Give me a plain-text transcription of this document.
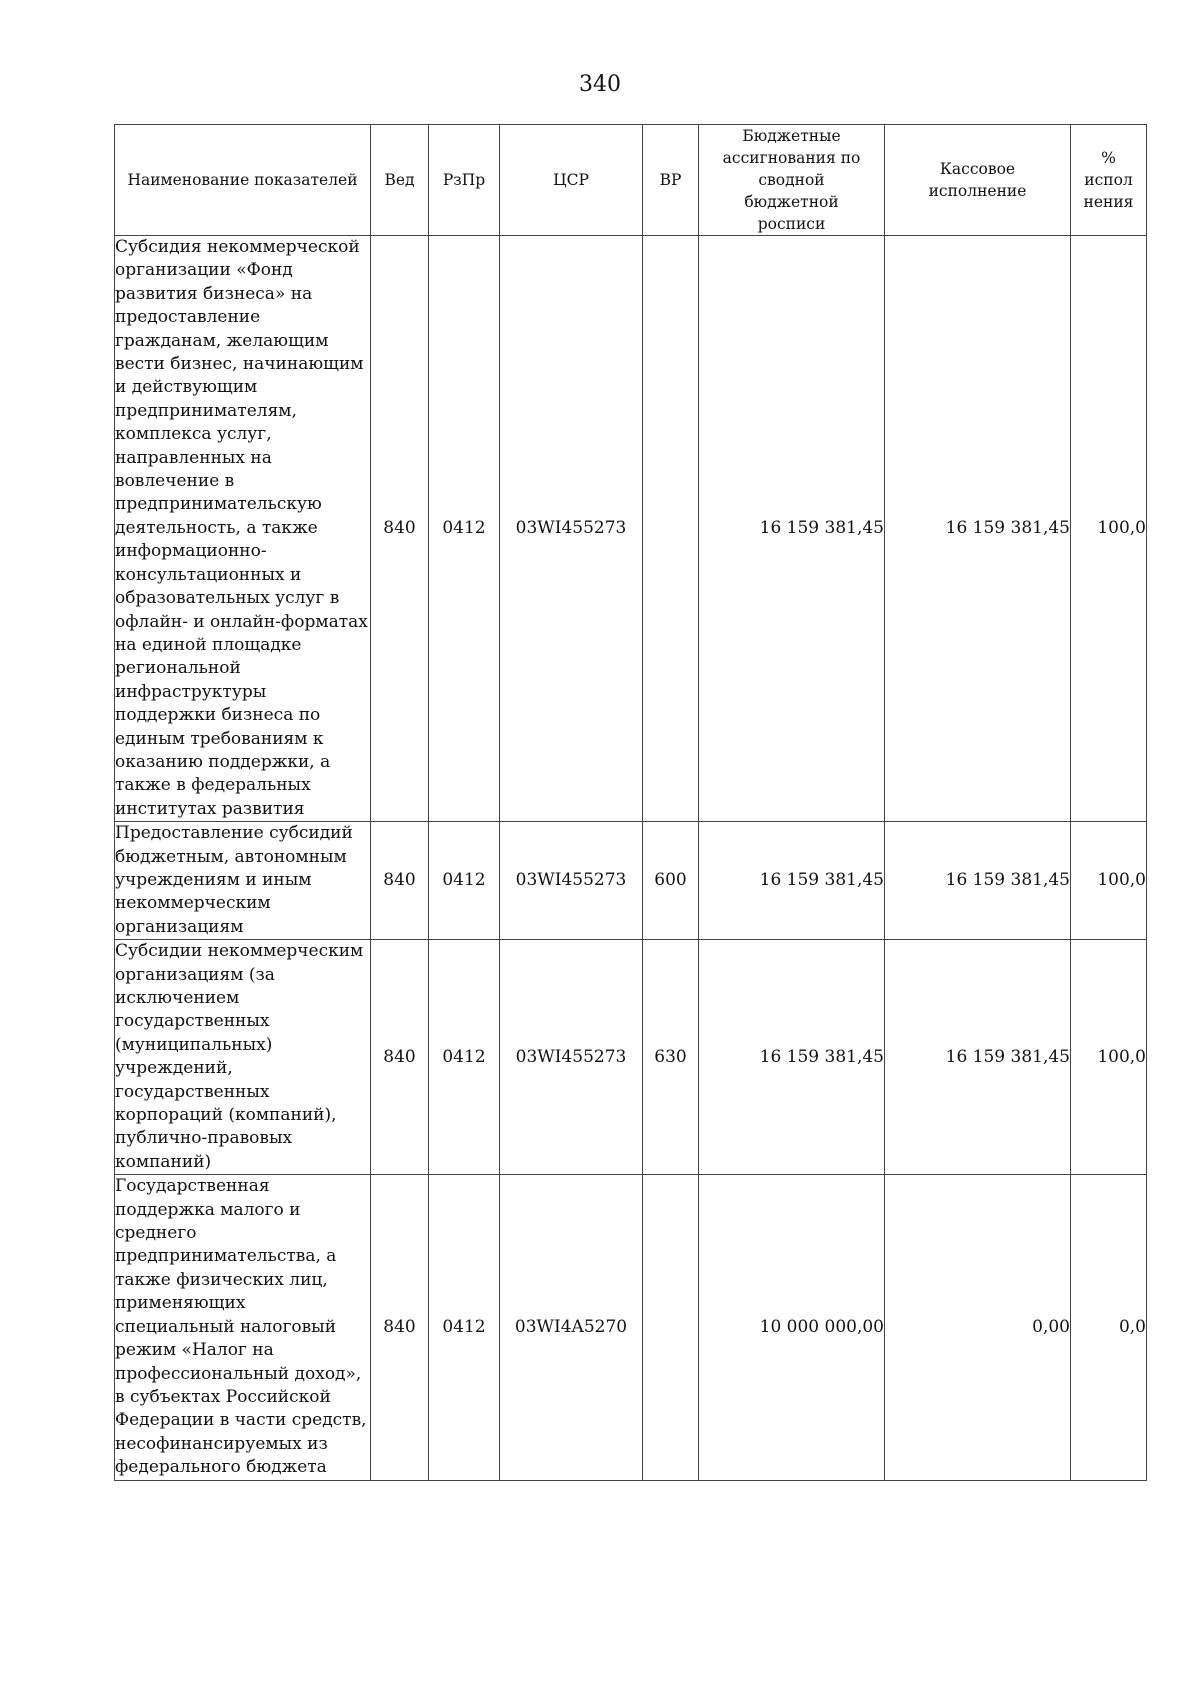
340
Наименование показателей	Вед	РзПр	ЦСР	ВР	Бюджетные ассигнования по сводной бюджетной росписи	Кассовое исполнение	% испол нения
Субсидия некоммерческой организации «Фонд развития бизнеса» на предоставление гражданам, желающим вести бизнес, начинающим и действующим предпринимателям, комплекса услуг, направленных на вовлечение в предпринимательскую деятельность, а также информационно-консультационных и образовательных услуг в офлайн- и онлайн-форматах на единой площадке региональной инфраструктуры поддержки бизнеса по единым требованиям к оказанию поддержки, а также в федеральных институтах развития	840	0412	03WI455273		16 159 381,45	16 159 381,45	100,0
Предоставление субсидий бюджетным, автономным учреждениям и иным некоммерческим организациям	840	0412	03WI455273	600	16 159 381,45	16 159 381,45	100,0
Субсидии некоммерческим организациям (за исключением государственных (муниципальных) учреждений, государственных корпораций (компаний), публично-правовых компаний)	840	0412	03WI455273	630	16 159 381,45	16 159 381,45	100,0
Государственная поддержка малого и среднего предпринимательства, а также физических лиц, применяющих специальный налоговый режим «Налог на профессиональный доход», в субъектах Российской Федерации в части средств, несофинансируемых из федерального бюджета	840	0412	03WI4A5270		10 000 000,00	0,00	0,0
